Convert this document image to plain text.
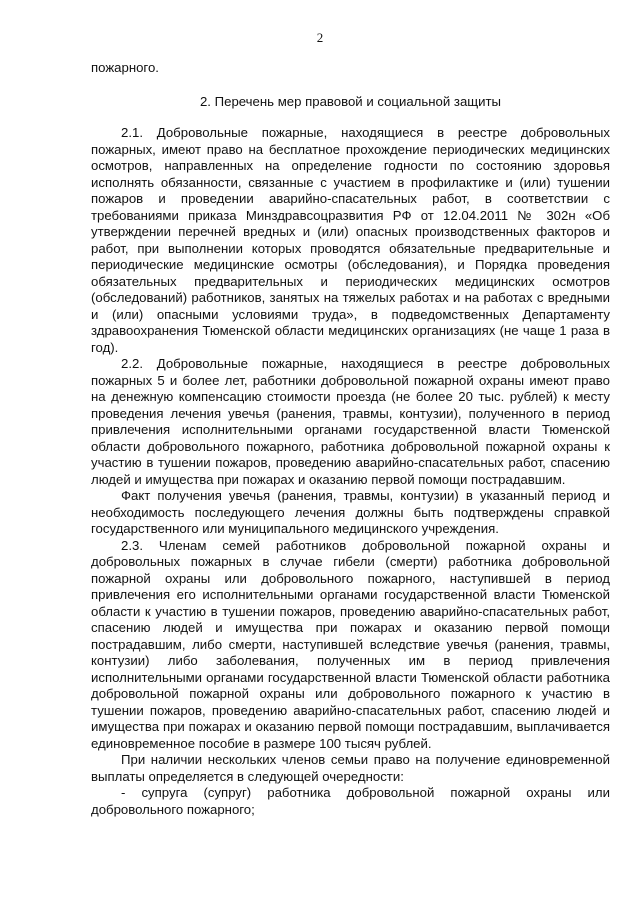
2

пожарного.

2. Перечень мер правовой и социальной защиты

2.1. Добровольные пожарные, находящиеся в реестре добровольных пожарных, имеют право на бесплатное прохождение периодических медицинских осмотров, направленных на определение годности по состоянию здоровья исполнять обязанности, связанные с участием в профилактике и (или) тушении пожаров и проведении аварийно-спасательных работ, в соответствии с требованиями приказа Минздравсоцразвития РФ от 12.04.2011 № 302н «Об утверждении перечней вредных и (или) опасных производственных факторов и работ, при выполнении которых проводятся обязательные предварительные и периодические медицинские осмотры (обследования), и Порядка проведения обязательных предварительных и периодических медицинских осмотров (обследований) работников, занятых на тяжелых работах и на работах с вредными и (или) опасными условиями труда», в подведомственных Департаменту здравоохранения Тюменской области медицинских организациях (не чаще 1 раза в год).

2.2. Добровольные пожарные, находящиеся в реестре добровольных пожарных 5 и более лет, работники добровольной пожарной охраны имеют право на денежную компенсацию стоимости проезда (не более 20 тыс. рублей) к месту проведения лечения увечья (ранения, травмы, контузии), полученного в период привлечения исполнительными органами государственной власти Тюменской области добровольного пожарного, работника добровольной пожарной охраны к участию в тушении пожаров, проведению аварийно-спасательных работ, спасению людей и имущества при пожарах и оказанию первой помощи пострадавшим.

Факт получения увечья (ранения, травмы, контузии) в указанный период и необходимость последующего лечения должны быть подтверждены справкой государственного или муниципального медицинского учреждения.

2.3. Членам семей работников добровольной пожарной охраны и добровольных пожарных в случае гибели (смерти) работника добровольной пожарной охраны или добровольного пожарного, наступившей в период привлечения его исполнительными органами государственной власти Тюменской области к участию в тушении пожаров, проведению аварийно-спасательных работ, спасению людей и имущества при пожарах и оказанию первой помощи пострадавшим, либо смерти, наступившей вследствие увечья (ранения, травмы, контузии) либо заболевания, полученных им в период привлечения исполнительными органами государственной власти Тюменской области работника добровольной пожарной охраны или добровольного пожарного к участию в тушении пожаров, проведению аварийно-спасательных работ, спасению людей и имущества при пожарах и оказанию первой помощи пострадавшим, выплачивается единовременное пособие в размере 100 тысяч рублей.

При наличии нескольких членов семьи право на получение единовременной выплаты определяется в следующей очередности:

- супруга (супруг) работника добровольной пожарной охраны или добровольного пожарного;
